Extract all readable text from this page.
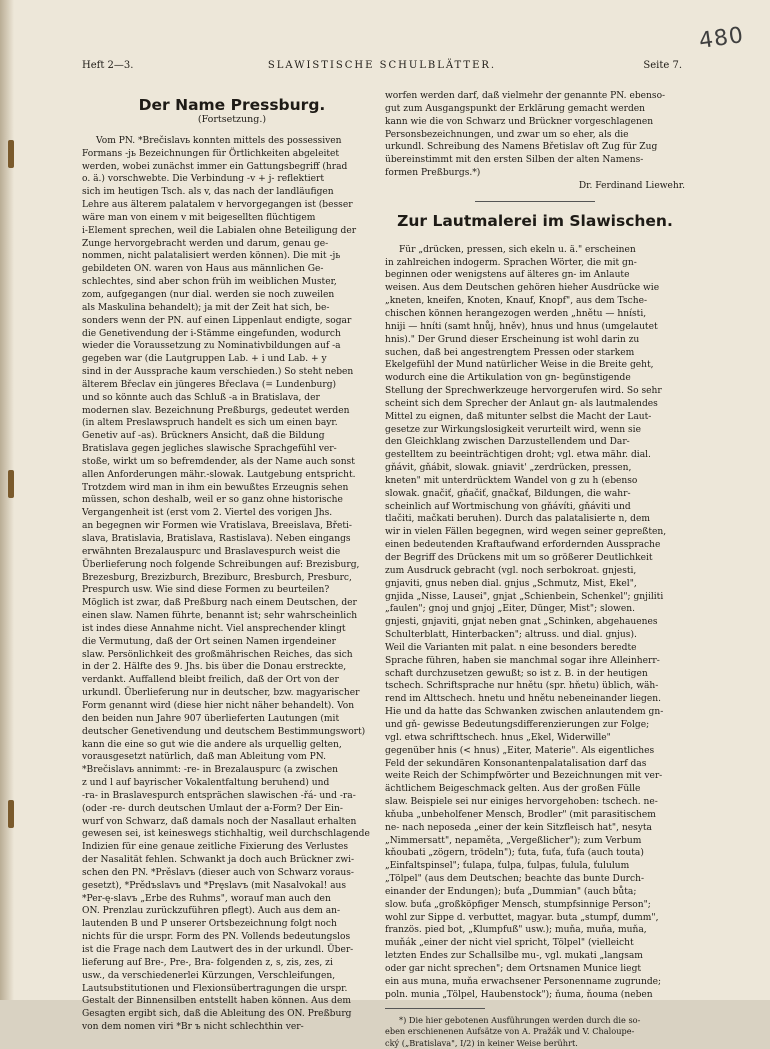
480
Heft 2—3.	SLAWISTISCHE SCHULBLÄTTER.	Seite 7.
Der Name Pressburg.
(Fortsetzung.)
Vom PN. *Brečislavь konnten mittels des possessiven
Formans -jь Bezeichnungen für Örtlichkeiten abgeleitet
werden, wobei zunächst immer ein Gattungsbegriff (hrad
o. ä.) vorschwebte. Die Verbindung -v + j- reflektiert
sich im heutigen Tsch. als v, das nach der landläufigen
Lehre aus älterem palatalem v hervorgegangen ist (besser
wäre man von einem v mit beigesellten flüchtigem
i-Element sprechen, weil die Labialen ohne Beteiligung der
Zunge hervorgebracht werden und darum, genau ge-
nommen, nicht palatalisiert werden können). Die mit -jь
gebildeten ON. waren von Haus aus männlichen Ge-
schlechtes, sind aber schon früh im weiblichen Muster,
zom, aufgegangen (nur dial. werden sie noch zuweilen
als Maskulina behandelt); ja mit der Zeit hat sich, be-
sonders wenn der PN. auf einen Lippenlaut endigte, sogar
die Genetivendung der i-Stämme eingefunden, wodurch
wieder die Voraussetzung zu Nominativbildungen auf -a
gegeben war (die Lautgruppen Lab. + i und Lab. + y
sind in der Aussprache kaum verschieden.) So steht neben
älterem Břeclav ein jüngeres Břeclava (= Lundenburg)
und so könnte auch das Schluß -a in Bratislava, der
modernen slav. Bezeichnung Preßburgs, gedeutet werden
(in altem Preslawspruch handelt es sich um einen bayr.
Genetiv auf -as). Brückners Ansicht, daß die Bildung
Bratislava gegen jegliches slawische Sprachgefühl ver-
stoße, wirkt um so befremdender, als der Name auch sonst
allen Anforderungen mähr.-slowak. Lautgebung entspricht.
Trotzdem wird man in ihm ein bewußtes Erzeugnis sehen
müssen, schon deshalb, weil er so ganz ohne historische
Vergangenheit ist (erst vom 2. Viertel des vorigen Jhs.
an begegnen wir Formen wie Vratislava, Breeislava, Břeti-
slava, Bratislavia, Bratislava, Rastislava). Neben eingangs
erwähnten Brezalauspurc und Braslavespurch weist die
Überlieferung noch folgende Schreibungen auf: Brezisburg,
Brezesburg, Brezizburch, Breziburc, Bresburch, Presburc,
Prespurch usw. Wie sind diese Formen zu beurteilen?
Möglich ist zwar, daß Preßburg nach einem Deutschen, der
einen slaw. Namen führte, benannt ist; sehr wahrscheinlich
ist indes diese Annahme nicht. Viel ansprechender klingt
die Vermutung, daß der Ort seinen Namen irgendeiner
slaw. Persönlichkeit des großmährischen Reiches, das sich
in der 2. Hälfte des 9. Jhs. bis über die Donau erstreckte,
verdankt. Auffallend bleibt freilich, daß der Ort von der
urkundl. Überlieferung nur in deutscher, bzw. magyarischer
Form genannt wird (diese hier nicht näher behandelt). Von
den beiden nun Jahre 907 überlieferten Lautungen (mit
deutscher Genetivendung und deutschem Bestimmungswort)
kann die eine so gut wie die andere als urquellig gelten,
vorausgesetzt natürlich, daß man Ableitung vom PN.
*Brečislavь annimmt: -re- in Brezalauspurc (a zwischen
z und l auf bayrischer Vokalentfaltung beruhend) und
-ra- in Braslavespurch entsprächen slawischen -řá- und -ra-
(oder -re- durch deutschen Umlaut der a-Form? Der Ein-
wurf von Schwarz, daß damals noch der Nasallaut erhalten
gewesen sei, ist keineswegs stichhaltig, weil durchschlagende
Indizien für eine genaue zeitliche Fixierung des Verlustes
der Nasalität fehlen. Schwankt ja doch auch Brückner zwi-
schen den PN. *Prěslavъ (dieser auch von Schwarz voraus-
gesetzt), *Prědъslavъ und *Prę̣slavъ (mit Nasalvokal! aus
*Per-ę-slavъ „Erbe des Ruhms", worauf man auch den
ON. Prenzlau zurückzuführen pflegt). Auch aus dem an-
lautenden B und P unserer Ortsbezeichnung folgt noch
nichts für die urspr. Form des PN. Vollends bedeutungslos
ist die Frage nach dem Lautwert des in der urkundl. Über-
lieferung auf Bre-, Pre-, Bra- folgenden z, s, zis, zes, zi
usw., da verschiedenerlei Kürzungen, Verschleifungen,
Lautsubstitutionen und Flexionsübertragungen die urspr.
Gestalt der Binnensilben entstellt haben können. Aus dem
Gesagten ergibt sich, daß die Ableitung des ON. Preßburg
von dem nomen viri *Br ъ nicht schlechthin ver-
worfen werden darf, daß vielmehr der genannte PN. ebenso-
gut zum Ausgangspunkt der Erklärung gemacht werden
kann wie die von Schwarz und Brückner vorgeschlagenen
Personsbezeichnungen, und zwar um so eher, als die
urkundl. Schreibung des Namens Břetislav oft Zug für Zug
übereinstimmt mit den ersten Silben der alten Namens-
formen Preßburgs.*)
Dr. Ferdinand Liewehr.
Zur Lautmalerei im Slawischen.
Für „drücken, pressen, sich ekeln u. ä." erscheinen
in zahlreichen indogerm. Sprachen Wörter, die mit gn-
beginnen oder wenigstens auf älteres gn- im Anlaute
weisen. Aus dem Deutschen gehören hieher Ausdrücke wie
„kneten, kneifen, Knoten, Knauf, Knopf", aus dem Tsche-
chischen können herangezogen werden „hnětu — hnísti,
hniji — hníti (samt hnůj, hněv), hnus und hnus (umgelautet
hnis)." Der Grund dieser Erscheinung ist wohl darin zu
suchen, daß bei angestrengtem Pressen oder starkem
Ekelgefühl der Mund natürlicher Weise in die Breite geht,
wodurch eine die Artikulation von gn- begünstigende
Stellung der Sprechwerkzeuge hervorgerufen wird. So sehr
scheint sich dem Sprecher der Anlaut gn- als lautmalendes
Mittel zu eignen, daß mitunter selbst die Macht der Laut-
gesetze zur Wirkungslosigkeit verurteilt wird, wenn sie
den Gleichklang zwischen Darzustellendem und Dar-
gestelltem zu beeinträchtigen droht; vgl. etwa mähr. dial.
gňávit, gňábit, slowak. gniavit' „zerdrücken, pressen,
kneten" mit unterdrücktem Wandel von g zu h (ebenso
slowak. gnačiť, gňačiť, gnačkať, Bildungen, die wahr-
scheinlich auf Wortmischung von gňávíti, gňáviti und
tlačiti, mačkati beruhen). Durch das palatalisierte n, dem
wir in vielen Fällen begegnen, wird wegen seiner gepreßten,
einen bedeutenden Kraftaufwand erfordernden Aussprache
der Begriff des Drückens mit um so größerer Deutlichkeit
zum Ausdruck gebracht (vgl. noch serbokroat. gnjesti,
gnjaviti, gnus neben dial. gnjus „Schmutz, Mist, Ekel",
gnjida „Nisse, Lausei", gnjat „Schienbein, Schenkel"; gnjiliti
„faulen"; gnoj und gnjoj „Eiter, Dünger, Mist"; slowen.
gnjesti, gnjaviti, gnjat neben gnat „Schinken, abgehauenes
Schulterblatt, Hinterbacken"; altruss. und dial. gnjus).
Weil die Varianten mit palat. n eine besonders beredte
Sprache führen, haben sie manchmal sogar ihre Alleinherr-
schaft durchzusetzen gewußt; so ist z. B. in der heutigen
tschech. Schriftsprache nur hnětu (spr. hňetu) üblich, wäh-
rend im Alttschech. hnetu und hnětu nebeneinander liegen.
Hie und da hatte das Schwanken zwischen anlautendem gn-
und gň- gewisse Bedeutungsdifferenzierungen zur Folge;
vgl. etwa schrifttschech. hnus „Ekel, Widerwille"
gegenüber hnis (< hnus) „Eiter, Materie". Als eigentliches
Feld der sekundären Konsonantenpalatalisation darf das
weite Reich der Schimpfwörter und Bezeichnungen mit ver-
ächtlichem Beigeschmack gelten. Aus der großen Fülle
slaw. Beispiele sei nur einiges hervorgehoben: tschech. ne-
kňuba „unbeholfener Mensch, Brodler" (mit parasitischem
ne- nach neposeda „einer der kein Sitzfleisch hat", nesyta
„Nimmersatt", nepaměta, „Vergeßlicher"); zum Verbum
kňoubati „zögern, trödeln"); ťuta, ťuťa, ťufa (auch touta)
„Einfaltspinsel"; ťulapa, ťulpa, ťulpas, ťulula, ťululum
„Tölpel" (aus dem Deutschen; beachte das bunte Durch-
einander der Endungen); buťa „Dummian" (auch bůta;
slow. buťa „großköpfiger Mensch, stumpfsinnige Person";
wohl zur Sippe d. verbuttet, magyar. buta „stumpf, dumm",
französ. pied bot, „Klumpfuß" usw.); muňa, muňa, muňa,
muňák „einer der nicht viel spricht, Tölpel" (vielleicht
letzten Endes zur Schallsilbe mu-, vgl. mukati „langsam
oder gar nicht sprechen"; dem Ortsnamen Munice liegt
ein aus muna, muňa erwachsener Personenname zugrunde;
poln. munia „Tölpel, Haubenstock"); ňuma, ňouma (neben
*) Die hier gebotenen Ausführungen werden durch die so-
eben erschienenen Aufsätze von A. Pražák und V. Chaloupe-
cký („Bratislava", I/2) in keiner Weise berührt.
